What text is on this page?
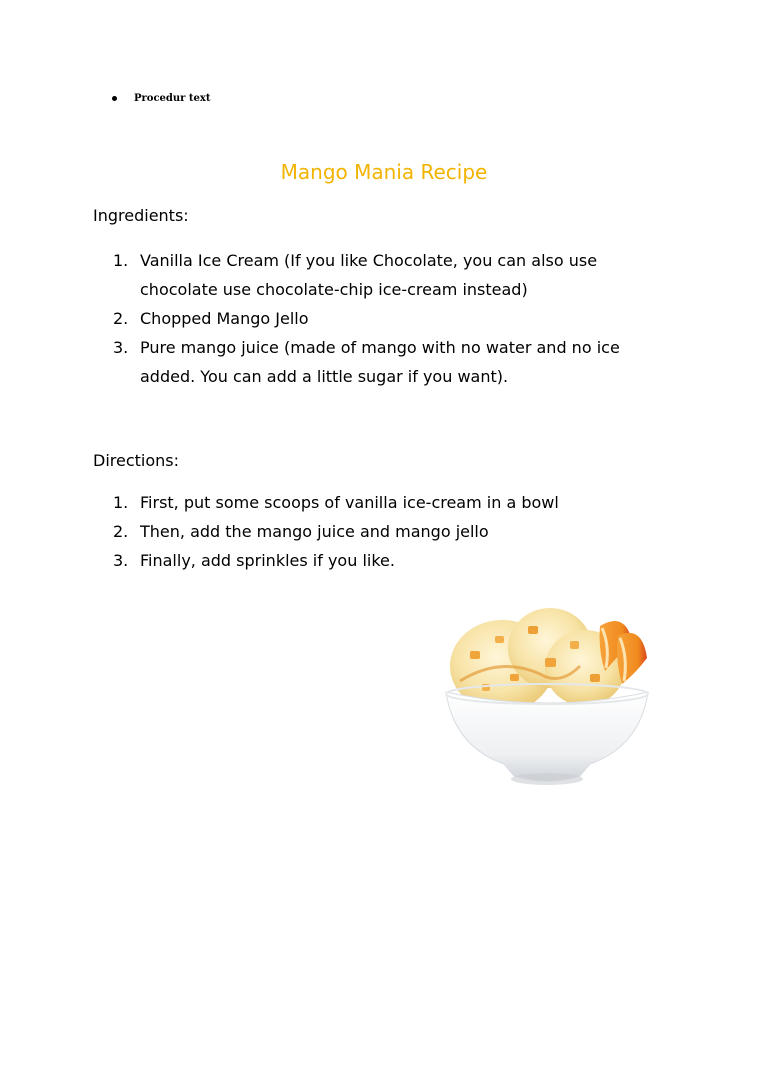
Procedur text
Mango Mania Recipe
Ingredients:
1. Vanilla Ice Cream (If you like Chocolate, you can also use chocolate use chocolate-chip ice-cream instead)
2. Chopped Mango Jello
3. Pure mango juice (made of mango with no water and no ice added. You can add a little sugar if you want).
Directions:
1. First, put some scoops of vanilla ice-cream in a bowl
2. Then, add the mango juice and mango jello
3. Finally, add sprinkles if you like.
